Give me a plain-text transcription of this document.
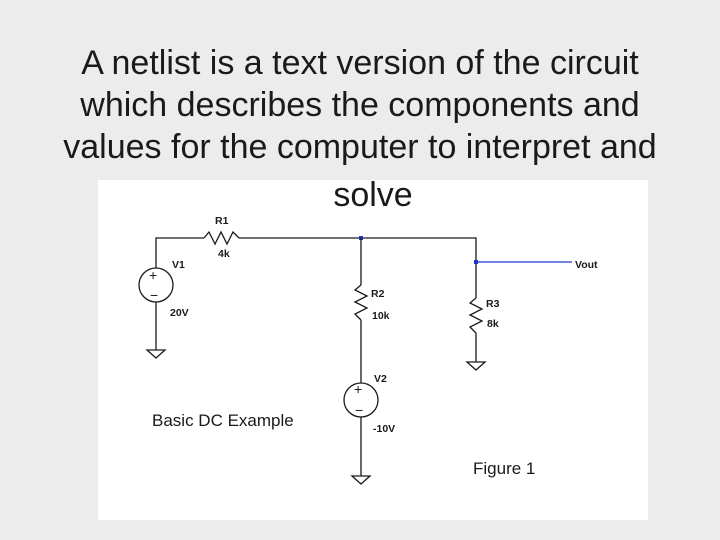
A netlist is a text version of the circuit
which describes the components and
values for the computer to interpret and
+
−
+
−
R1
4k
V1
20V
R2
10k
R3
8k
V2
-10V
Vout
Basic DC Example
Figure 1
solve
